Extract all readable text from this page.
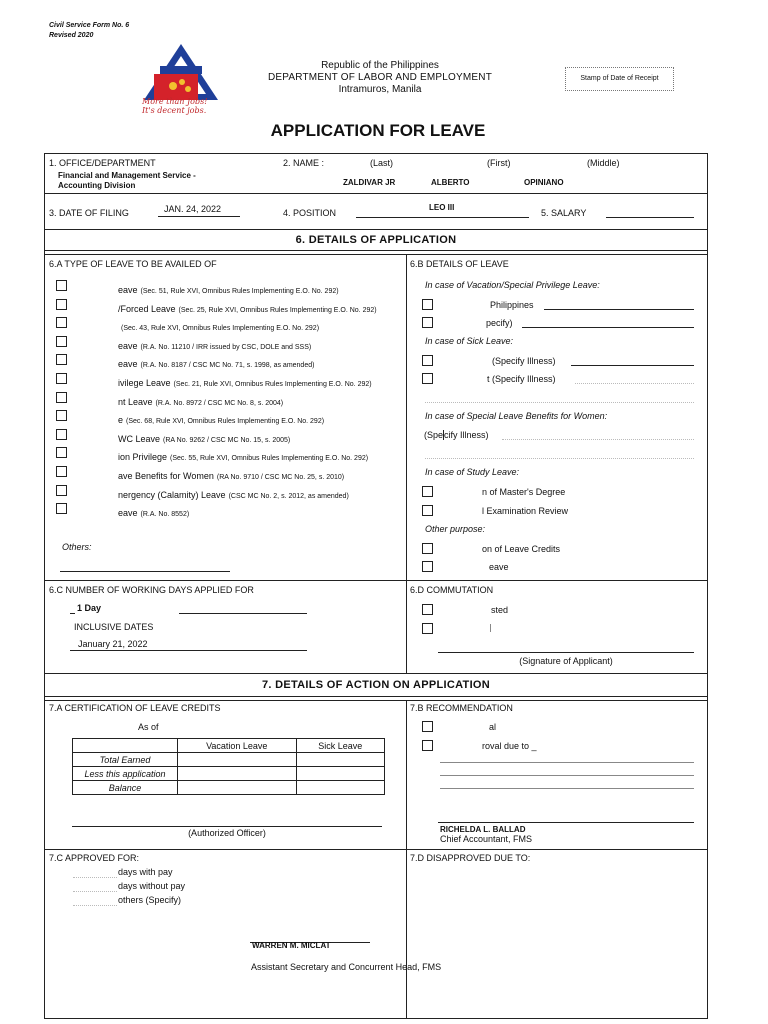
Civil Service Form No. 6
Revised 2020
More than Jobs!
It's decent jobs.
Republic of the Philippines
DEPARTMENT OF LABOR AND EMPLOYMENT
Intramuros, Manila
Stamp of Date of Receipt
APPLICATION FOR LEAVE
1. OFFICE/DEPARTMENT
Financial and Management Service -
Accounting Division
2. NAME :	(Last)	(First)	(Middle)
ZALDIVAR JR	ALBERTO	OPINIANO
3. DATE OF FILING	JAN. 24, 2022	4. POSITION
LEO III
5. SALARY
6. DETAILS OF APPLICATION
6.A TYPE OF LEAVE TO BE AVAILED OF	6.B DETAILS OF LEAVE
eave (Sec. 51, Rule XVI, Omnibus Rules Implementing E.O. No. 292)
/Forced Leave (Sec. 25, Rule XVI, Omnibus Rules Implementing E.O. No. 292)
(Sec. 43, Rule XVI, Omnibus Rules Implementing E.O. No. 292)
eave (R.A. No. 11210 / IRR issued by CSC, DOLE and SSS)
eave (R.A. No. 8187 / CSC MC No. 71, s. 1998, as amended)
ivilege Leave (Sec. 21, Rule XVI, Omnibus Rules Implementing E.O. No. 292)
nt Leave (R.A. No. 8972 / CSC MC No. 8, s. 2004)
e (Sec. 68, Rule XVI, Omnibus Rules Implementing E.O. No. 292)
WC Leave (RA No. 9262 / CSC MC No. 15, s. 2005)
ion Privilege (Sec. 55, Rule XVI, Omnibus Rules Implementing E.O. No. 292)
ave Benefits for Women (RA No. 9710 / CSC MC No. 25, s. 2010)
nergency (Calamity) Leave (CSC MC No. 2, s. 2012, as amended)
eave (R.A. No. 8552)
Others:
In case of Vacation/Special Privilege Leave:
Philippines
pecify)
In case of Sick Leave:
(Specify Illness)
t (Specify Illness)
In case of Special Leave Benefits for Women:
(Specify Illness)
In case of Study Leave:
n of Master's Degree
l Examination Review
Other purpose:
on of Leave Credits
eave
6.C NUMBER OF WORKING DAYS APPLIED FOR
1 Day
INCLUSIVE DATES
January 21, 2022
6.D COMMUTATION
sted
(Signature of Applicant)
7. DETAILS OF ACTION ON APPLICATION
7.A CERTIFICATION OF LEAVE CREDITS
As of
	Vacation Leave	Sick Leave
Total Earned		
Less this application		
Balance		
(Authorized Officer)
7.B RECOMMENDATION
al
roval due to _
RICHELDA L. BALLAD
Chief Accountant, FMS
7.C APPROVED FOR:
days with pay
days without pay
others (Specify)
7.D DISAPPROVED DUE TO:
WARREN M. MICLAT
Assistant Secretary and Concurrent Head, FMS
